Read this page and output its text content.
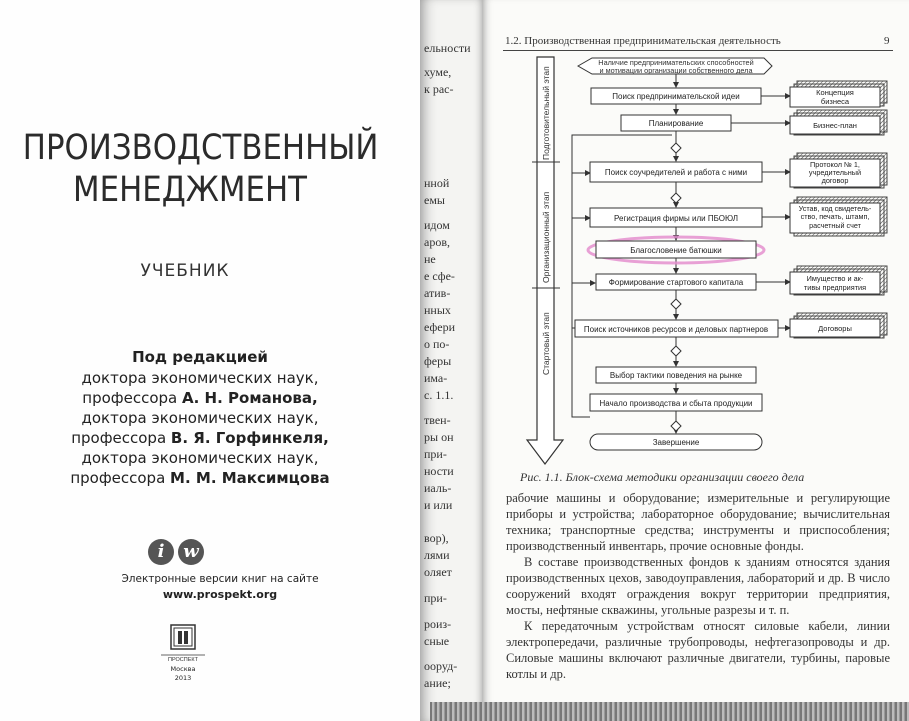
ПРОИЗВОДСТВЕННЫЙ
МЕНЕДЖМЕНТ
УЧЕБНИК
Под редакцией
доктора экономических наук,
профессора А. Н. Романова,
доктора экономических наук,
профессора В. Я. Горфинкеля,
доктора экономических наук,
профессора М. М. Максимцова
i w
Электронные версии книг на сайте
www.prospekt.org
ПРОСПЕКТ
Москва
2013
ельности
хуме,
к рас-
нной
емы
идом
аров,
не
е сфе-
атив-
нных
ефери
о по-
феры
има-
с. 1.1.
твен-
ры он
при-
ности
иаль-
и или
вор),
лями
оляет
при-
роиз-
сные
ооруд-
ание;
1.2. Производственная предпринимательская деятельность	9
Подготовительный этап
Организационный этап
Стартовый этап
Наличие предпринимательских способностей
и мотивации организации собственного дела
Поиск предпринимательской идеи
Планирование
Поиск соучредителей и работа с ними
Регистрация фирмы или ПБОЮЛ
Благословение батюшки
Формирование стартового капитала
Поиск источников ресурсов и деловых партнеров
Выбор тактики поведения на рынке
Начало производства и сбыта продукции
Завершение
Концепция
бизнеса
Бизнес-план
Протокол № 1,
учредительный
договор
Устав, код свидетель-
ство, печать, штамп,
расчетный счет
Имущество и ак-
тивы предприятия
Договоры
Рис. 1.1. Блок-схема методики организации своего дела

рабочие машины и оборудование; измерительные и регулирующие приборы и устройства; лабораторное оборудование; вычислительная техника; транспортные средства; инструменты и приспособления; производственный инвентарь, прочие основные фонды.

В составе производственных фондов к зданиям относятся здания производственных цехов, заводоуправления, лабораторий и др. В число сооружений входят ограждения вокруг территории предприятия, мосты, нефтяные скважины, угольные разрезы и т. п.

К передаточным устройствам относят силовые кабели, линии электропередачи, различные трубопроводы, нефтегазопроводы и др. Силовые машины включают различные двигатели, турбины, паровые котлы и др.
